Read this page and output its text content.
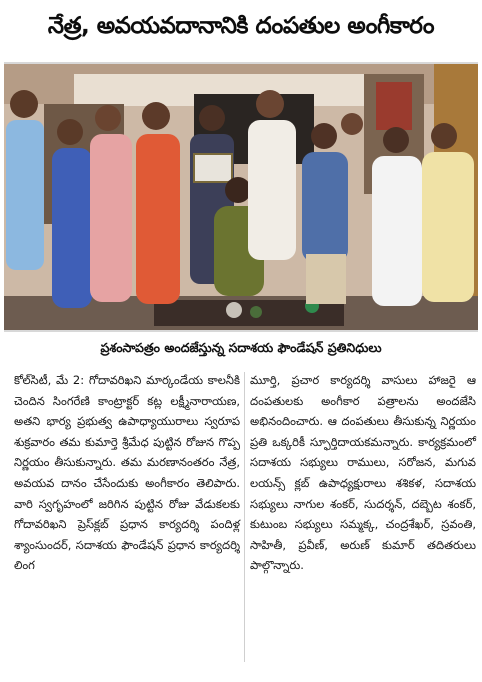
నేత్ర, అవయవదానానికి దంపతుల అంగీకారం
ప్రశంసాపత్రం అందజేస్తున్న సదాశయ ఫౌండేషన్ ప్రతినిధులు
కోల్‌సిటీ, మే 2: గోదావరిఖని మార్కండేయ కాలనీకి చెందిన సింగరేణి కాంట్రాక్టర్ కట్ల లక్ష్మీనారాయణ, అతని భార్య ప్రభుత్వ ఉపాధ్యాయురాలు స్వరూప శుక్రవారం తమ కుమార్తె శ్రీమేధ పుట్టిన రోజున గొప్ప నిర్ణయం తీసుకున్నారు. తమ మరణానంతరం నేత్ర, అవయవ దానం చేసేందుకు అంగీకారం తెలిపారు. వారి స్వగృహంలో జరిగిన పుట్టిన రోజు వేడుకలకు గోదావరిఖని ప్రెస్‌క్లబ్ ప్రధాన కార్యదర్శి పందిళ్ల శ్యాంసుందర్, సదాశయ ఫౌండేషన్ ప్రధాన కార్యదర్శి లింగ
మూర్తి, ప్రచార కార్యదర్శి వాసులు హాజరై ఆ దంపతులకు అంగీకార పత్రాలను అందజేసి అభినందించారు. ఆ దంపతులు తీసుకున్న నిర్ణయం ప్రతి ఒక్కరికీ స్ఫూర్తిదాయకమన్నారు. కార్యక్రమంలో సదాశయ సభ్యులు రాములు, సరోజన, మగువ లయన్స్ క్లబ్ ఉపాధ్యక్షురాలు శశికళ, సదాశయ సభ్యులు నాగుల శంకర్, సుదర్శన్, దబ్బెట శంకర్, కుటుంబ సభ్యులు సమ్మక్క, చంద్రశేఖర్, స్రవంతి, సాహితీ, ప్రవీణ్, అరుణ్ కుమార్ తదితరులు పాల్గొన్నారు.
